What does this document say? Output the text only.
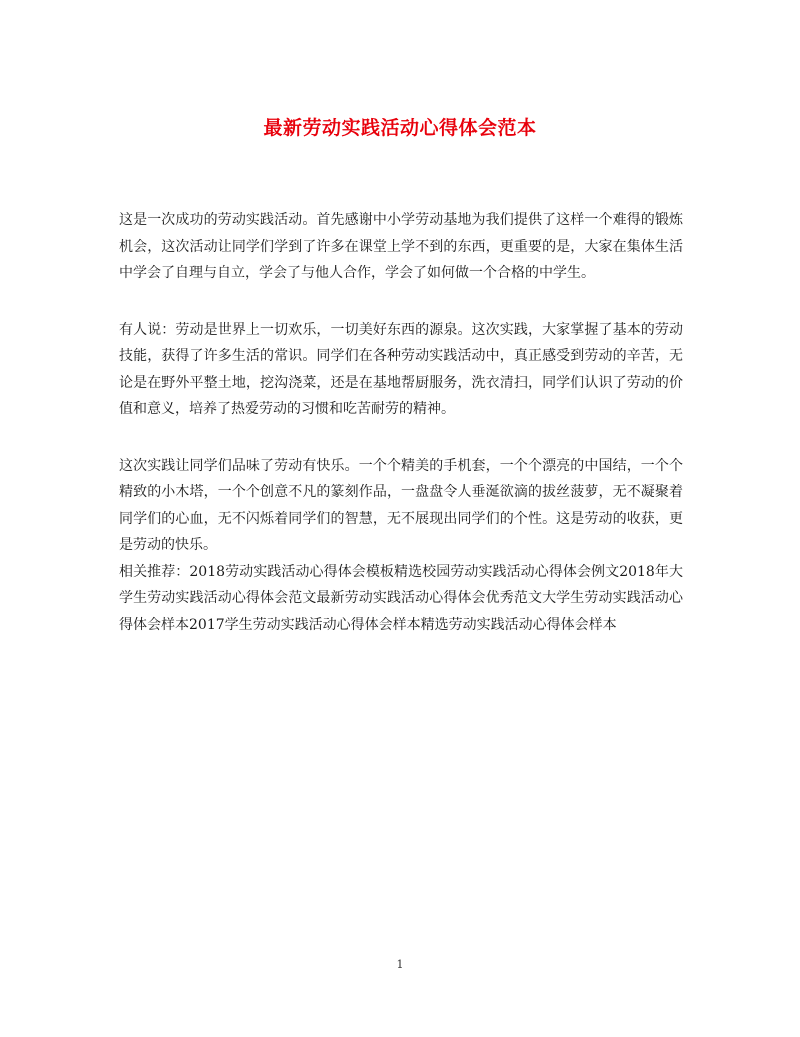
最新劳动实践活动心得体会范本

这是一次成功的劳动实践活动。首先感谢中小学劳动基地为我们提供了这样一个难得的锻炼机会，这次活动让同学们学到了许多在课堂上学不到的东西，更重要的是，大家在集体生活中学会了自理与自立，学会了与他人合作，学会了如何做一个合格的中学生。

有人说：劳动是世界上一切欢乐，一切美好东西的源泉。这次实践，大家掌握了基本的劳动技能，获得了许多生活的常识。同学们在各种劳动实践活动中，真正感受到劳动的辛苦，无论是在野外平整土地，挖沟浇菜，还是在基地帮厨服务，洗衣清扫，同学们认识了劳动的价值和意义，培养了热爱劳动的习惯和吃苦耐劳的精神。

这次实践让同学们品味了劳动有快乐。一个个精美的手机套，一个个漂亮的中国结，一个个精致的小木塔，一个个创意不凡的篆刻作品，一盘盘令人垂涎欲滴的拔丝菠萝，无不凝聚着同学们的心血，无不闪烁着同学们的智慧，无不展现出同学们的个性。这是劳动的收获，更是劳动的快乐。

相关推荐：2018劳动实践活动心得体会模板精选校园劳动实践活动心得体会例文2018年大学生劳动实践活动心得体会范文最新劳动实践活动心得体会优秀范文大学生劳动实践活动心得体会样本2017学生劳动实践活动心得体会样本精选劳动实践活动心得体会样本

1
